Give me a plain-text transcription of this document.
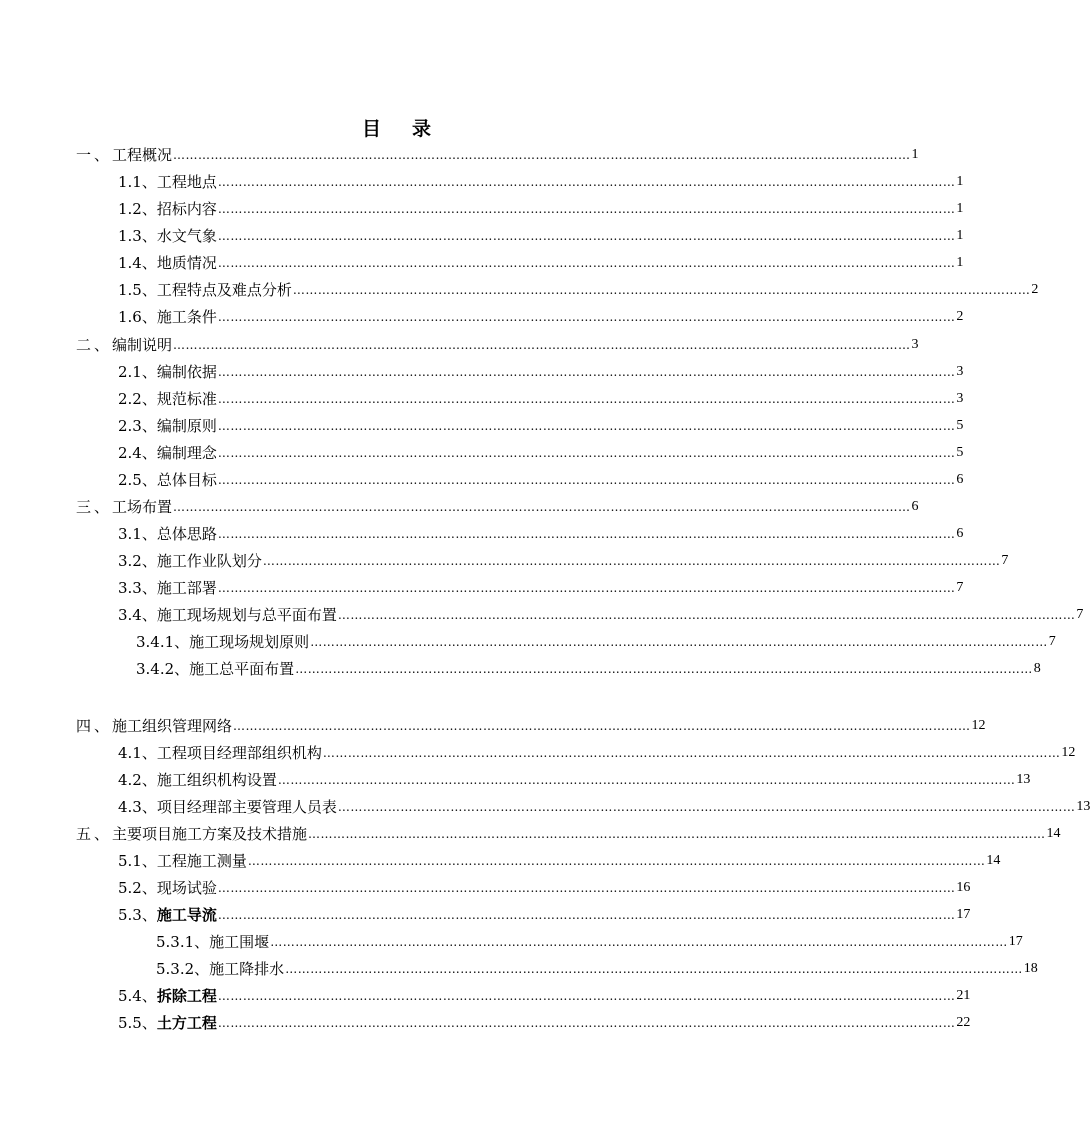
目 录
一、 工程概况 …………………………………………………………………………………………………………………………………………………………… 1
1.1、 工程地点 …………………………………………………………………………………………………………………………………………………………… 1
1.2、 招标内容 …………………………………………………………………………………………………………………………………………………………… 1
1.3、 水文气象 …………………………………………………………………………………………………………………………………………………………… 1
1.4、 地质情况 …………………………………………………………………………………………………………………………………………………………… 1
1.5、 工程特点及难点分析 …………………………………………………………………………………………………………………………………………………………… 2
1.6、 施工条件 …………………………………………………………………………………………………………………………………………………………… 2
二、 编制说明 …………………………………………………………………………………………………………………………………………………………… 3
2.1、 编制依据 …………………………………………………………………………………………………………………………………………………………… 3
2.2、 规范标准 …………………………………………………………………………………………………………………………………………………………… 3
2.3、 编制原则 …………………………………………………………………………………………………………………………………………………………… 5
2.4、 编制理念 …………………………………………………………………………………………………………………………………………………………… 5
2.5、 总体目标 …………………………………………………………………………………………………………………………………………………………… 6
三、 工场布置 …………………………………………………………………………………………………………………………………………………………… 6
3.1、 总体思路 …………………………………………………………………………………………………………………………………………………………… 6
3.2、 施工作业队划分 …………………………………………………………………………………………………………………………………………………………… 7
3.3、 施工部署 …………………………………………………………………………………………………………………………………………………………… 7
3.4、 施工现场规划与总平面布置 …………………………………………………………………………………………………………………………………………………………… 7
3.4.1、 施工现场规划原则 …………………………………………………………………………………………………………………………………………………………… 7
3.4.2、 施工总平面布置 …………………………………………………………………………………………………………………………………………………………… 8
四、 施工组织管理网络 …………………………………………………………………………………………………………………………………………………………… 12
4.1、 工程项目经理部组织机构 …………………………………………………………………………………………………………………………………………………………… 12
4.2、 施工组织机构设置 …………………………………………………………………………………………………………………………………………………………… 13
4.3、 项目经理部主要管理人员表 …………………………………………………………………………………………………………………………………………………………… 13
五、 主要项目施工方案及技术措施 …………………………………………………………………………………………………………………………………………………………… 14
5.1、 工程施工测量 …………………………………………………………………………………………………………………………………………………………… 14
5.2、 现场试验 …………………………………………………………………………………………………………………………………………………………… 16
5.3、 施工导流 …………………………………………………………………………………………………………………………………………………………… 17
5.3.1、 施工围堰 …………………………………………………………………………………………………………………………………………………………… 17
5.3.2、 施工降排水 …………………………………………………………………………………………………………………………………………………………… 18
5.4、 拆除工程 …………………………………………………………………………………………………………………………………………………………… 21
5.5、 土方工程 …………………………………………………………………………………………………………………………………………………………… 22
